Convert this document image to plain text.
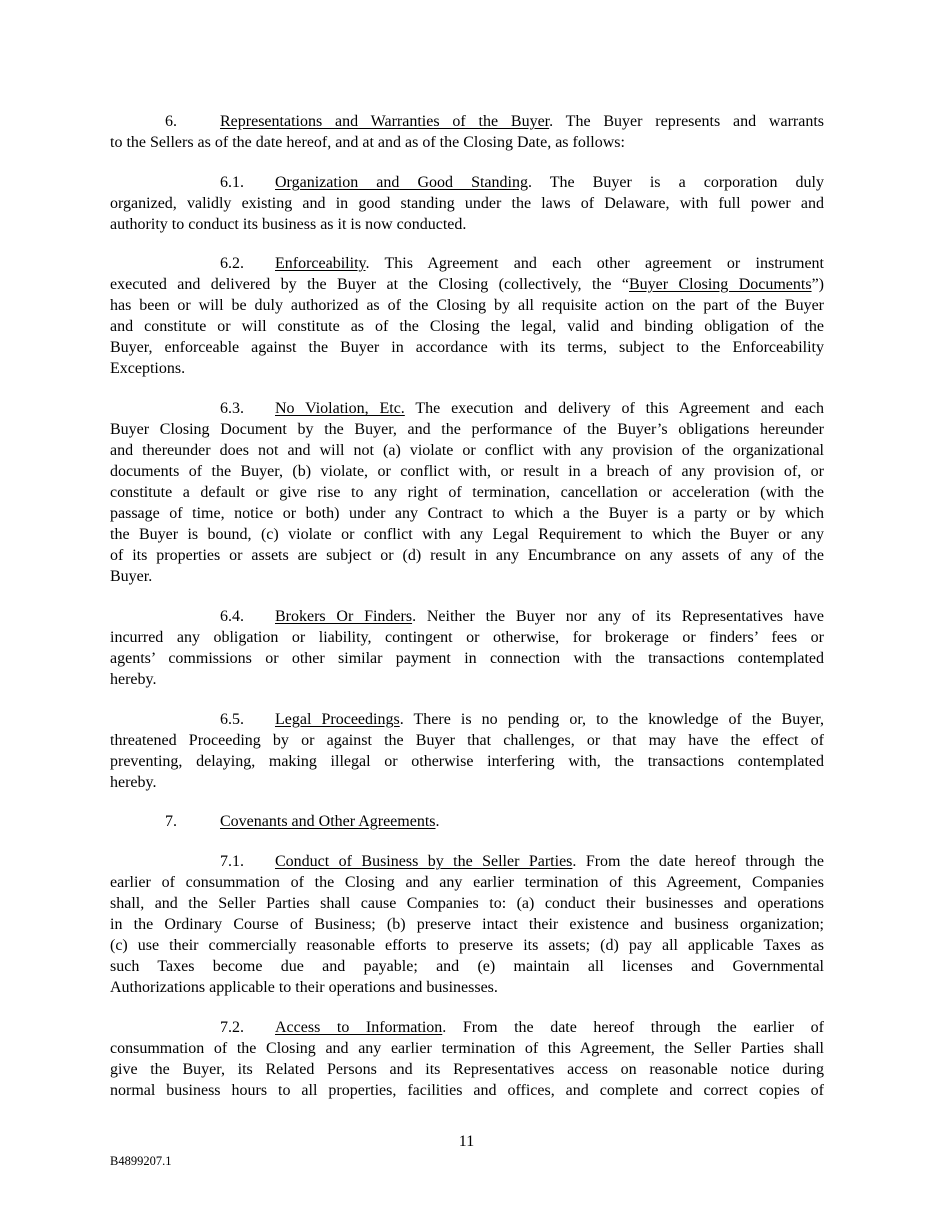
6.	Representations and Warranties of the Buyer. The Buyer represents and warrants
to the Sellers as of the date hereof, and at and as of the Closing Date, as follows:
6.1. Organization and Good Standing. The Buyer is a corporation duly
organized, validly existing and in good standing under the laws of Delaware, with full power and
authority to conduct its business as it is now conducted.
6.2. Enforceability. This Agreement and each other agreement or instrument
executed and delivered by the Buyer at the Closing (collectively, the “Buyer Closing Documents”)
has been or will be duly authorized as of the Closing by all requisite action on the part of the Buyer
and constitute or will constitute as of the Closing the legal, valid and binding obligation of the
Buyer, enforceable against the Buyer in accordance with its terms, subject to the Enforceability
Exceptions.
6.3. No Violation, Etc. The execution and delivery of this Agreement and each
Buyer Closing Document by the Buyer, and the performance of the Buyer’s obligations hereunder
and thereunder does not and will not (a) violate or conflict with any provision of the organizational
documents of the Buyer, (b) violate, or conflict with, or result in a breach of any provision of, or
constitute a default or give rise to any right of termination, cancellation or acceleration (with the
passage of time, notice or both) under any Contract to which a the Buyer is a party or by which
the Buyer is bound, (c) violate or conflict with any Legal Requirement to which the Buyer or any
of its properties or assets are subject or (d) result in any Encumbrance on any assets of any of the
Buyer.
6.4. Brokers Or Finders. Neither the Buyer nor any of its Representatives have
incurred any obligation or liability, contingent or otherwise, for brokerage or finders’ fees or
agents’ commissions or other similar payment in connection with the transactions contemplated
hereby.
6.5. Legal Proceedings. There is no pending or, to the knowledge of the Buyer,
threatened Proceeding by or against the Buyer that challenges, or that may have the effect of
preventing, delaying, making illegal or otherwise interfering with, the transactions contemplated
hereby.
7.	Covenants and Other Agreements.
7.1. Conduct of Business by the Seller Parties. From the date hereof through the
earlier of consummation of the Closing and any earlier termination of this Agreement, Companies
shall, and the Seller Parties shall cause Companies to: (a) conduct their businesses and operations
in the Ordinary Course of Business; (b) preserve intact their existence and business organization;
(c) use their commercially reasonable efforts to preserve its assets; (d) pay all applicable Taxes as
such Taxes become due and payable; and (e) maintain all licenses and Governmental
Authorizations applicable to their operations and businesses.
7.2. Access to Information. From the date hereof through the earlier of
consummation of the Closing and any earlier termination of this Agreement, the Seller Parties shall
give the Buyer, its Related Persons and its Representatives access on reasonable notice during
normal business hours to all properties, facilities and offices, and complete and correct copies of
11
B4899207.1
